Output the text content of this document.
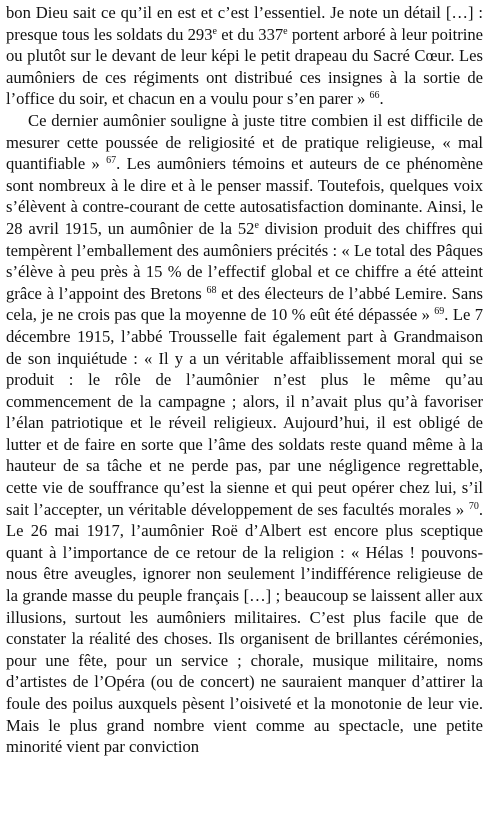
bon Dieu sait ce qu’il en est et c’est l’essentiel. Je note un détail […] : presque tous les soldats du 293e et du 337e portent arboré à leur poitrine ou plutôt sur le devant de leur képi le petit drapeau du Sacré Cœur. Les aumôniers de ces régiments ont distribué ces insignes à la sortie de l’office du soir, et chacun en a voulu pour s’en parer » $^{66}$.

Ce dernier aumônier souligne à juste titre combien il est difficile de mesurer cette poussée de religiosité et de pratique religieuse, « mal quantifiable » $^{67}$. Les aumôniers témoins et auteurs de ce phénomène sont nombreux à le dire et à le penser massif. Toutefois, quelques voix s’élèvent à contre-courant de cette autosatisfaction dominante. Ainsi, le 28 avril 1915, un aumônier de la 52e division produit des chiffres qui tempèrent l’emballement des aumôniers précités : « Le total des Pâques s’élève à peu près à 15 % de l’effectif global et ce chiffre a été atteint grâce à l’appoint des Bretons $^{68}$ et des électeurs de l’abbé Lemire. Sans cela, je ne crois pas que la moyenne de 10 % eût été dépassée » $^{69}$. Le 7 décembre 1915, l’abbé Trousselle fait également part à Grandmaison de son inquiétude : « Il y a un véritable affaiblissement moral qui se produit : le rôle de l’aumônier n’est plus le même qu’au commencement de la campagne ; alors, il n’avait plus qu’à favoriser l’élan patriotique et le réveil religieux. Aujourd’hui, il est obligé de lutter et de faire en sorte que l’âme des soldats reste quand même à la hauteur de sa tâche et ne perde pas, par une négligence regrettable, cette vie de souffrance qu’est la sienne et qui peut opérer chez lui, s’il sait l’accepter, un véritable développement de ses facultés morales » $^{70}$. Le 26 mai 1917, l’aumônier Roë d’Albert est encore plus sceptique quant à l’importance de ce retour de la religion : « Hélas ! pouvons-nous être aveugles, ignorer non seulement l’indifférence religieuse de la grande masse du peuple français […] ; beaucoup se laissent aller aux illusions, surtout les aumôniers militaires. C’est plus facile que de constater la réalité des choses. Ils organisent de brillantes cérémonies, pour une fête, pour un service ; chorale, musique militaire, noms d’artistes de l’Opéra (ou de concert) ne sauraient manquer d’attirer la foule des poilus auxquels pèsent l’oisiveté et la monotonie de leur vie. Mais le plus grand nombre vient comme au spectacle, une petite minorité vient par conviction
